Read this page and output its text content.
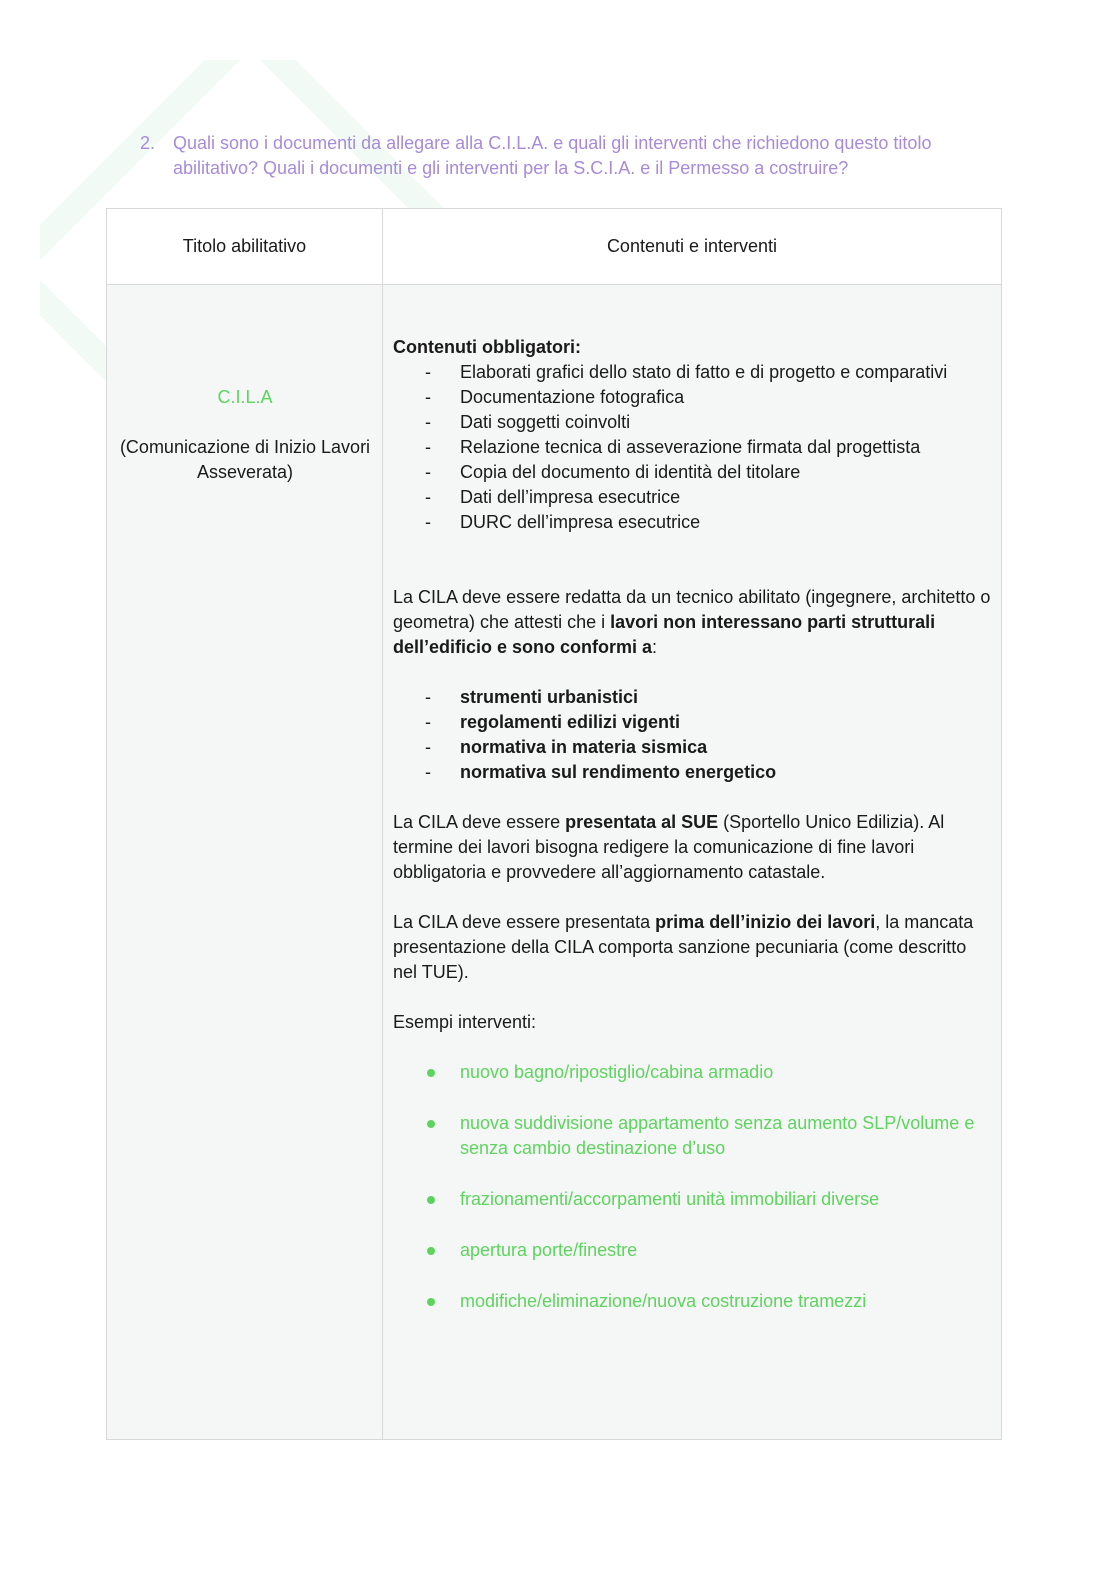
2. Quali sono i documenti da allegare alla C.I.L.A. e quali gli interventi che richiedono questo titolo abilitativo? Quali i documenti e gli interventi per la S.C.I.A. e il Permesso a costruire?
Titolo abilitativo	Contenuti e interventi
C.I.L.A
(Comunicazione di Inizio Lavori Asseverata)

Contenuti obbligatori:

- Elaborati grafici dello stato di fatto e di progetto e comparativi
- Documentazione fotografica
- Dati soggetti coinvolti
- Relazione tecnica di asseverazione firmata dal progettista
- Copia del documento di identità del titolare
- Dati dell’impresa esecutrice
- DURC dell’impresa esecutrice

La CILA deve essere redatta da un tecnico abilitato (ingegnere, architetto o geometra) che attesti che i lavori non interessano parti strutturali dell’edificio e sono conformi a:

- strumenti urbanistici
- regolamenti edilizi vigenti
- normativa in materia sismica
- normativa sul rendimento energetico

La CILA deve essere presentata al SUE (Sportello Unico Edilizia). Al termine dei lavori bisogna redigere la comunicazione di fine lavori obbligatoria e provvedere all’aggiornamento catastale.

La CILA deve essere presentata prima dell’inizio dei lavori, la mancata presentazione della CILA comporta sanzione pecuniaria (come descritto nel TUE).

Esempi interventi:

nuovo bagno/ripostiglio/cabina armadio
nuova suddivisione appartamento senza aumento SLP/volume e senza cambio destinazione d’uso
frazionamenti/accorpamenti unità immobiliari diverse
apertura porte/finestre
modifiche/eliminazione/nuova costruzione tramezzi
